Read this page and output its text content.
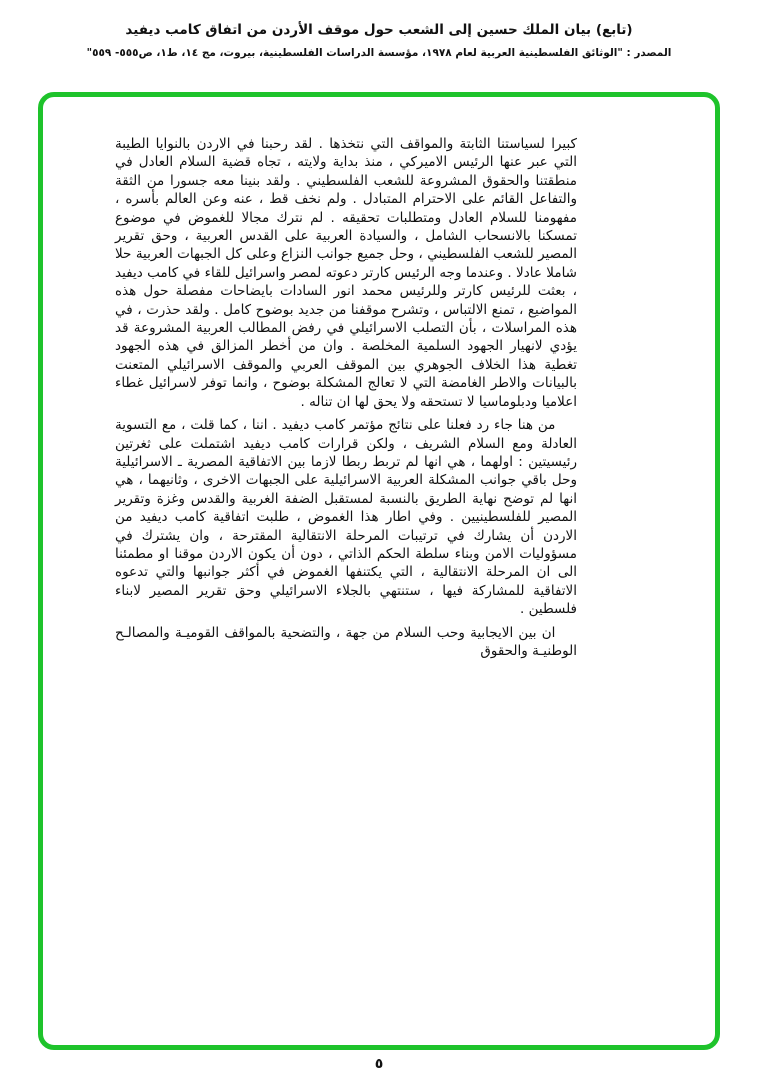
(تابع) بيان الملك حسين إلى الشعب حول موقف الأردن من اتفاق كامب ديفيد
المصدر : "الوثائق الفلسطينية العربية لعام ١٩٧٨، مؤسسة الدراسات الفلسطينية، بيروت، مج ١٤، ط١، ص٥٥٥- ٥٥٩"

كبيرا لسياستنا الثابتة والمواقف التي نتخذها . لقد رحبنا في الاردن بالنوايا الطيبة التي عبر عنها الرئيس الاميركي ، منذ بداية ولايته ، تجاه قضية السلام العادل في منطقتنا والحقوق المشروعة للشعب الفلسطيني . ولقد بنينا معه جسورا من الثقة والتفاعل القائم على الاحترام المتبادل . ولم نخف قط ، عنه وعن العالم بأسره ، مفهومنا للسلام العادل ومتطلبات تحقيقه . لم نترك مجالا للغموض في موضوع تمسكنا بالانسحاب الشامل ، والسيادة العربية على القدس العربية ، وحق تقرير المصير للشعب الفلسطيني ، وحل جميع جوانب النزاع وعلى كل الجبهات العربية حلا شاملا عادلا . وعندما وجه الرئيس كارتر دعوته لمصر واسرائيل للقاء في كامب ديفيد ، بعثت للرئيس كارتر وللرئيس محمد انور السادات بايضاحات مفصلة حول هذه المواضيع ، تمنع الالتباس ، وتشرح موقفنا من جديد بوضوح كامل . ولقد حذرت ، في هذه المراسلات ، بأن التصلب الاسرائيلي في رفض المطالب العربية المشروعة قد يؤدي لانهيار الجهود السلمية المخلصة . وان من أخطر المزالق في هذه الجهود تغطية هذا الخلاف الجوهري بين الموقف العربي والموقف الاسرائيلي المتعنت بالبيانات والاطر الغامضة التي لا تعالج المشكلة بوضوح ، وانما توفر لاسرائيل غطاء اعلاميا ودبلوماسيا لا تستحقه ولا يحق لها ان تناله .

من هنا جاء رد فعلنا على نتائج مؤتمر كامب ديفيد . اننا ، كما قلت ، مع التسوية العادلة ومع السلام الشريف ، ولكن قرارات كامب ديفيد اشتملت على ثغرتين رئيسيتين : اولهما ، هي انها لم تربط ربطا لازما بين الاتفاقية المصرية ـ الاسرائيلية وحل باقي جوانب المشكلة العربية الاسرائيلية على الجبهات الاخرى ، وثانيهما ، هي انها لم توضح نهاية الطريق بالنسبة لمستقبل الضفة الغربية والقدس وغزة وتقرير المصير للفلسطينيين . وفي اطار هذا الغموض ، طلبت اتفاقية كامب ديفيد من الاردن أن يشارك في ترتيبات المرحلة الانتقالية المقترحة ، وان يشترك في مسؤوليات الامن وبناء سلطة الحكم الذاتي ، دون أن يكون الاردن موقنا او مطمئنا الى ان المرحلة الانتقالية ، التي يكتنفها الغموض في أكثر جوانبها والتي تدعوه الاتفاقية للمشاركة فيها ، ستنتهي بالجلاء الاسرائيلي وحق تقرير المصير لابناء فلسطين .

ان بين الايجابية وحب السلام من جهة ، والتضحية بالمواقف القوميـة والمصالـح الوطنيـة والحقوق

٥
